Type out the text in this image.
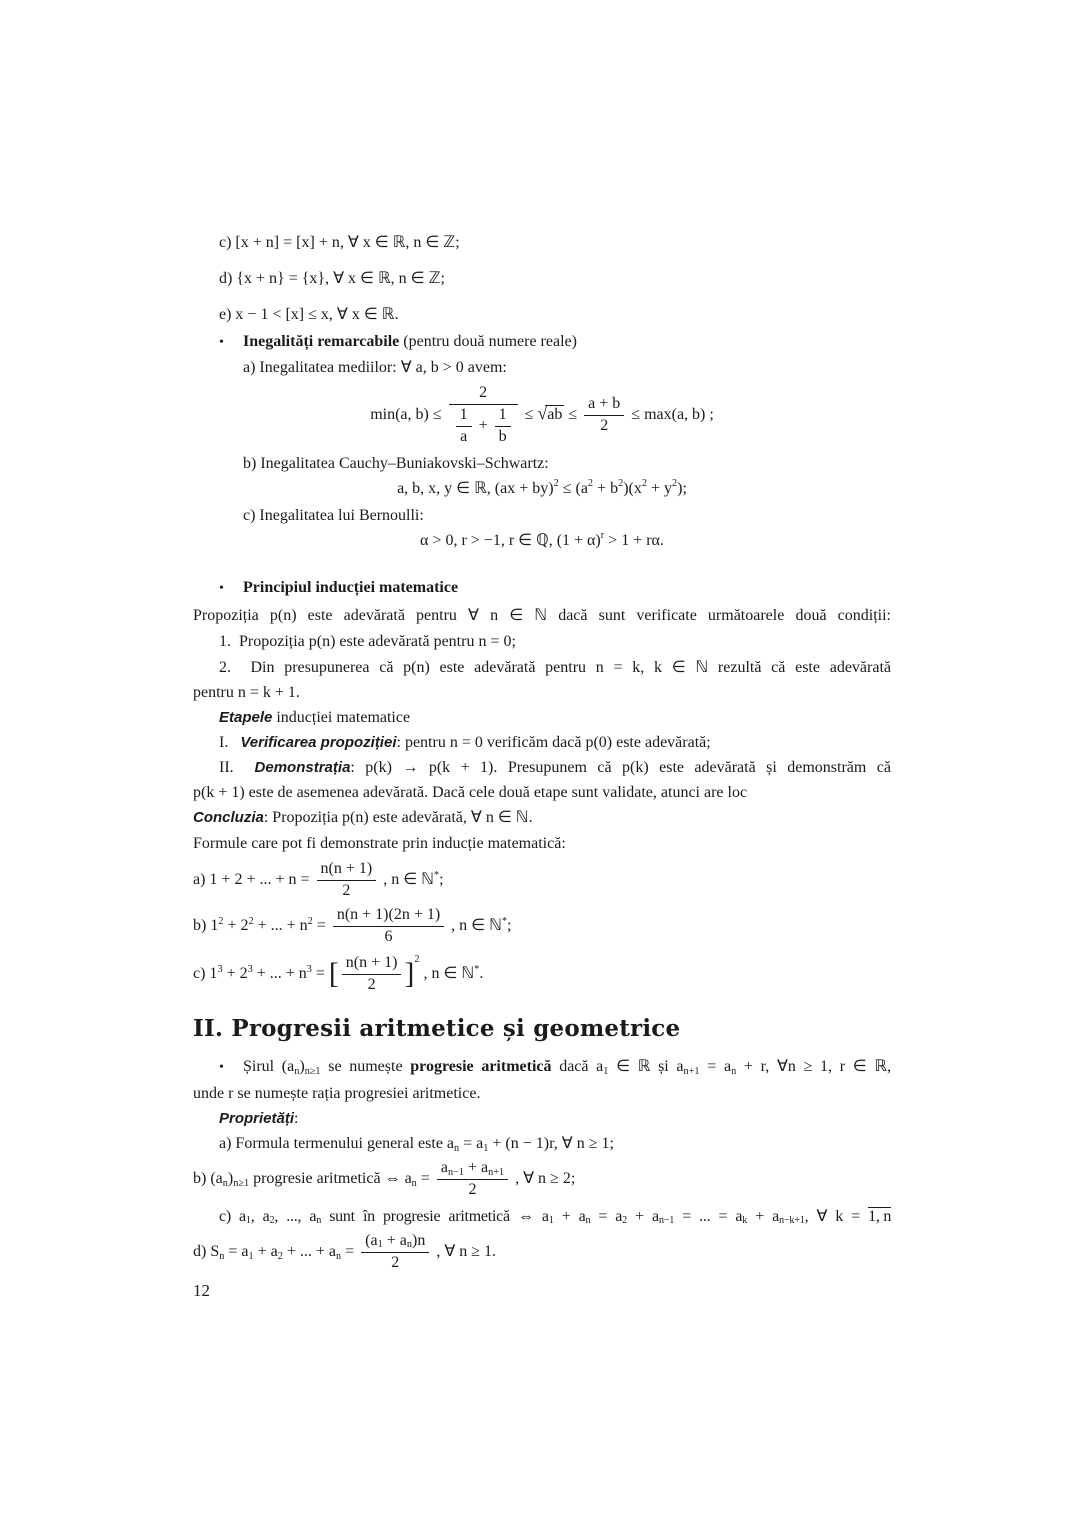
c) [x + n] = [x] + n, ∀ x ∈ ℝ, n ∈ ℤ;
d) {x + n} = {x}, ∀ x ∈ ℝ, n ∈ ℤ;
e) x − 1 < [x] ≤ x, ∀ x ∈ ℝ.
• Inegalități remarcabile (pentru două numere reale)
a) Inegalitatea mediilor: ∀ a, b > 0 avem:
min(a, $b) \le \frac{2}{\frac{1}{a} + \frac{1}{b}} \le √ab \le \frac{a + b}{2} \le \max(a$, b) ;
b) Inegalitatea Cauchy–Buniakovski–Schwartz:
a, b, x, y ∈ ℝ, $(ax + by)^2 \le (a^2 + b^2)(x^2 + y^2)$;
c) Inegalitatea lui Bernoulli:
α > 0, r > −1, r ∈ ℚ, $(1 + \alpha)^r > 1 + r\alpha$.
• Principiul inducției matematice
Propoziția p(n) este adevărată pentru ∀ n ∈ ℕ dacă sunt verificate următoarele două condiții:
1.  Propoziția p(n) este adevărată pentru n = 0;
2.  Din presupunerea că p(n) este adevărată pentru n = k, k ∈ ℕ rezultă că este adevărată
pentru n = k + 1.
Etapele inducției matematice
I.   Verificarea propoziției: pentru n = 0 verificăm dacă p(0) este adevărată;
II.  Demonstrația: p(k) → p(k + 1). Presupunem că p(k) este adevărată și demonstrăm că
p(k + 1) este de asemenea adevărată. Dacă cele două etape sunt validate, atunci are loc
Concluzia: Propoziția p(n) este adevărată, ∀ n ∈ ℕ.
Formule care pot fi demonstrate prin inducție matematică:
a) 1 + 2 + ... + $n = \frac{n(n + 1)}{2}$ , n ∈ ℕ*;
b) $1^2 + 2^2$ + ... + $n^2 = \frac{n(n + 1)(2n + 1)}{6}$ , n ∈ ℕ*;
c) $1^3 + 2^3$ + ... + $n^3$ = [ $\frac{n(n + 1)}{2} ]^2$ , n ∈ ℕ*.
II. Progresii aritmetice și geometrice
• Șirul (an)n≥1 se numește progresie aritmetică dacă a1 ∈ ℝ și an+1 = an + r, ∀n ≥ 1, r ∈ ℝ,
unde r se numește rația progresiei aritmetice.
Proprietăți:
a) Formula termenului general este an = a1 + (n − 1)r, ∀ n ≥ 1;
b) (an)n≥1 progresie aritmetică ⇔ an = $\frac{an-1 + an+1}{2}$ , ∀ n ≥ 2;
c) a1, a2, ..., an sunt în progresie aritmetică ⇔ a1 + an = a2 + an−1 = ... = ak + an−k+1, ∀ k = 1, n
d) Sn = a1 + a2 + ... + an = $\frac{(a1 + an)n}{2}$ , ∀ n ≥ 1.
12
